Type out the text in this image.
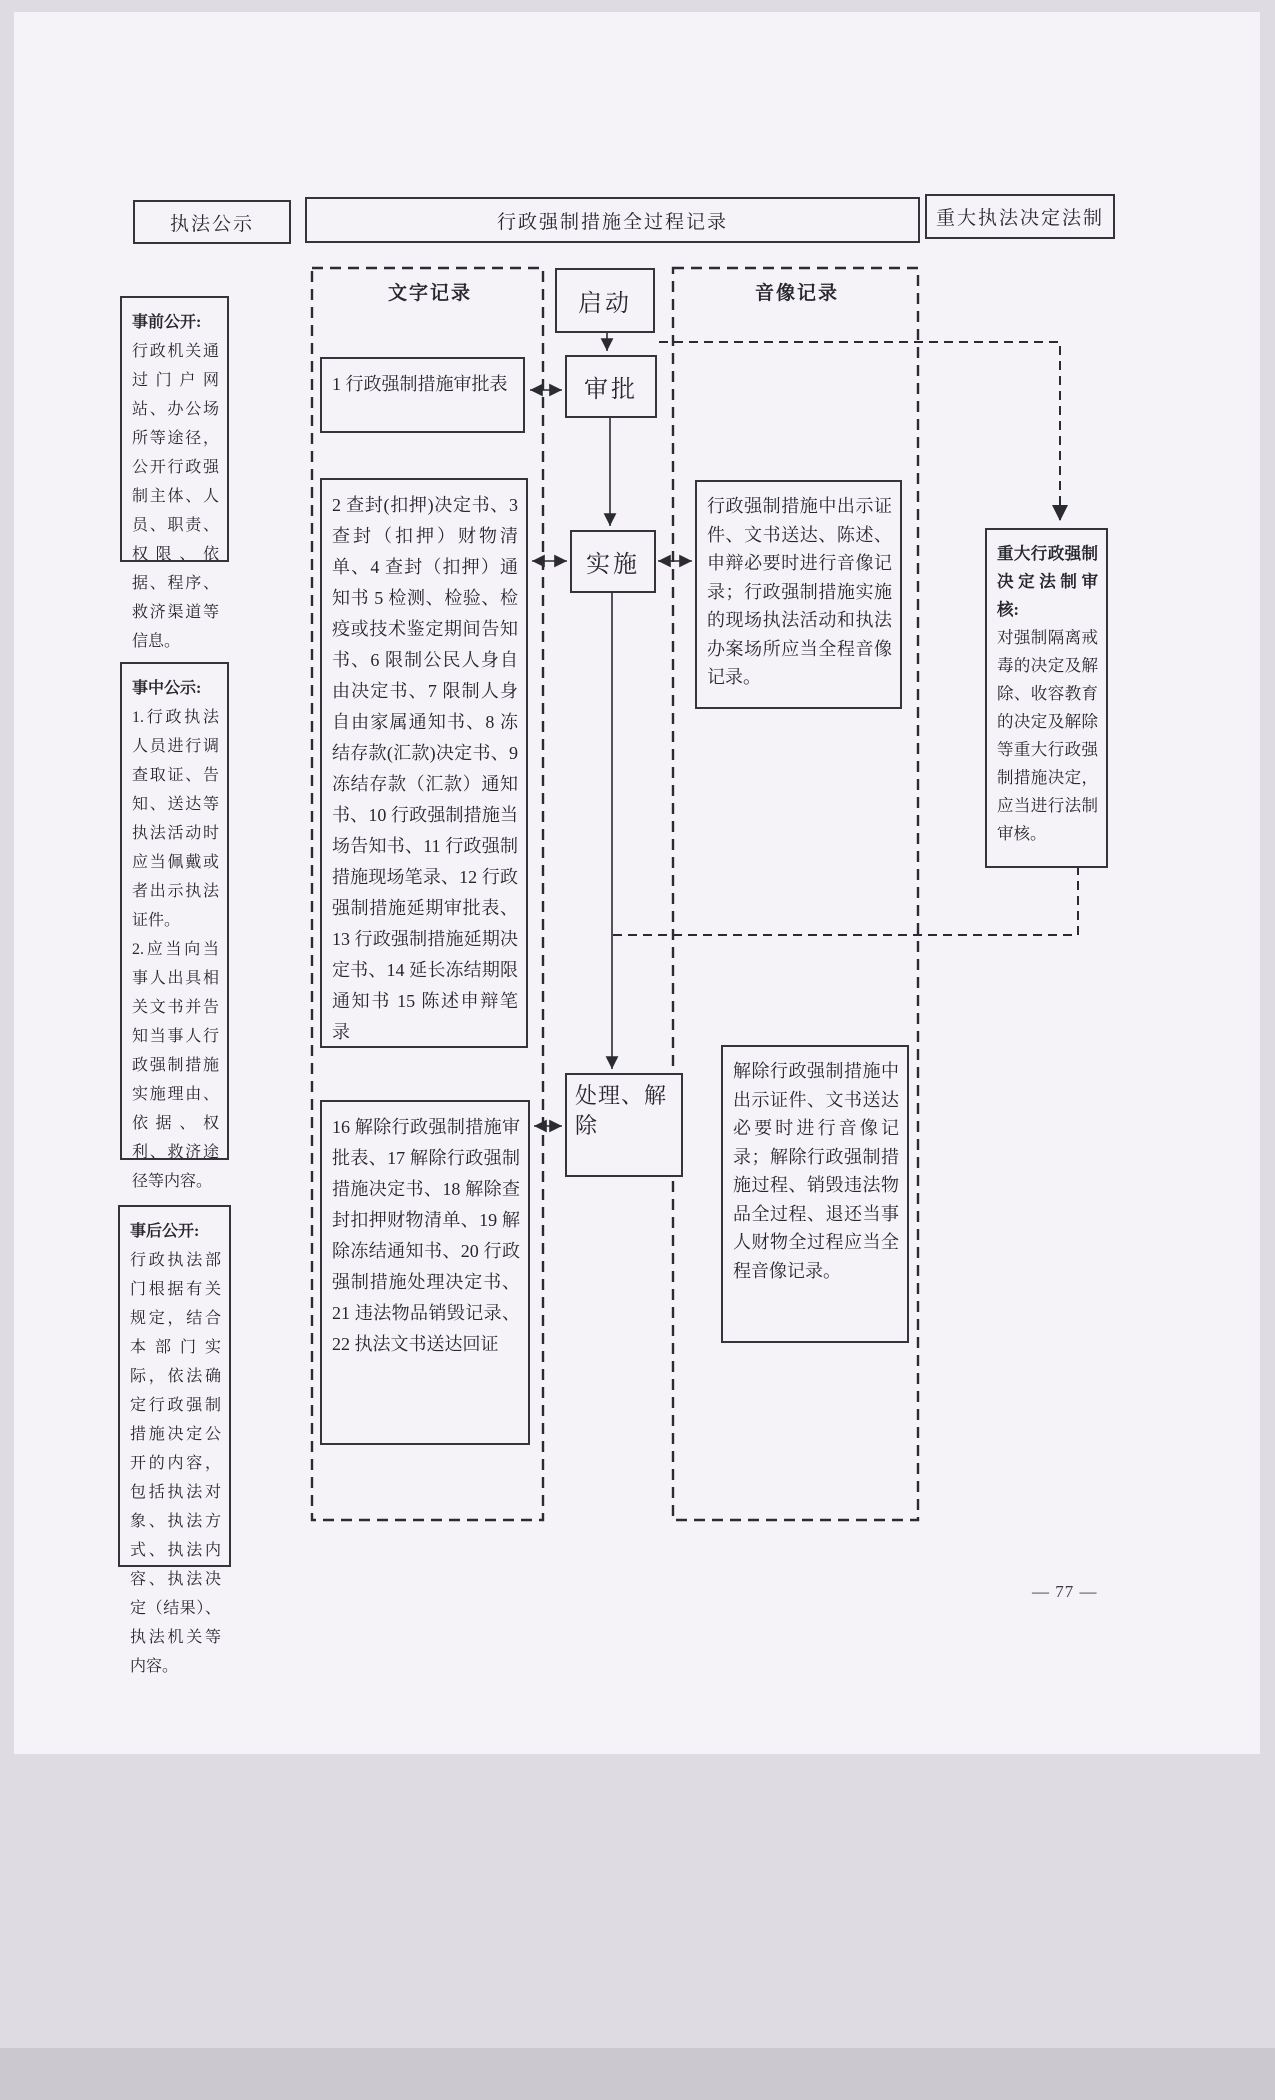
执法公示	行政强制措施全过程记录	重大执法决定法制
文字记录	音像记录
启动
审批
实施
处理、解除
1 行政强制措施审批表
2 查封(扣押)决定书、3 查封（扣押）财物清单、4 查封（扣押）通知书 5 检测、检验、检疫或技术鉴定期间告知书、6 限制公民人身自由决定书、7 限制人身自由家属通知书、8 冻结存款(汇款)决定书、9 冻结存款（汇款）通知书、10 行政强制措施当场告知书、11 行政强制措施现场笔录、12 行政强制措施延期审批表、13 行政强制措施延期决定书、14 延长冻结期限通知书 15 陈述申辩笔录
16 解除行政强制措施审批表、17 解除行政强制措施决定书、18 解除查封扣押财物清单、19 解除冻结通知书、20 行政强制措施处理决定书、21 违法物品销毁记录、22 执法文书送达回证
行政强制措施中出示证件、文书送达、陈述、申辩必要时进行音像记录；行政强制措施实施的现场执法活动和执法办案场所应当全程音像记录。
解除行政强制措施中出示证件、文书送达必要时进行音像记录；解除行政强制措施过程、销毁违法物品全过程、退还当事人财物全过程应当全程音像记录。
事前公开:
行政机关通过门户网站、办公场所等途径，公开行政强制主体、人员、职责、权限、依据、程序、救济渠道等信息。
事中公示:
1.行政执法人员进行调查取证、告知、送达等执法活动时应当佩戴或者出示执法证件。
2.应当向当事人出具相关文书并告知当事人行政强制措施实施理由、依据、权利、救济途径等内容。
事后公开:
行政执法部门根据有关规定，结合本部门实际，依法确定行政强制措施决定公开的内容，包括执法对象、执法方式、执法内容、执法决定（结果）、执法机关等内容。
重大行政强制决定法制审核:
对强制隔离戒毒的决定及解除、收容教育的决定及解除等重大行政强制措施决定，应当进行法制审核。
— 77 —
